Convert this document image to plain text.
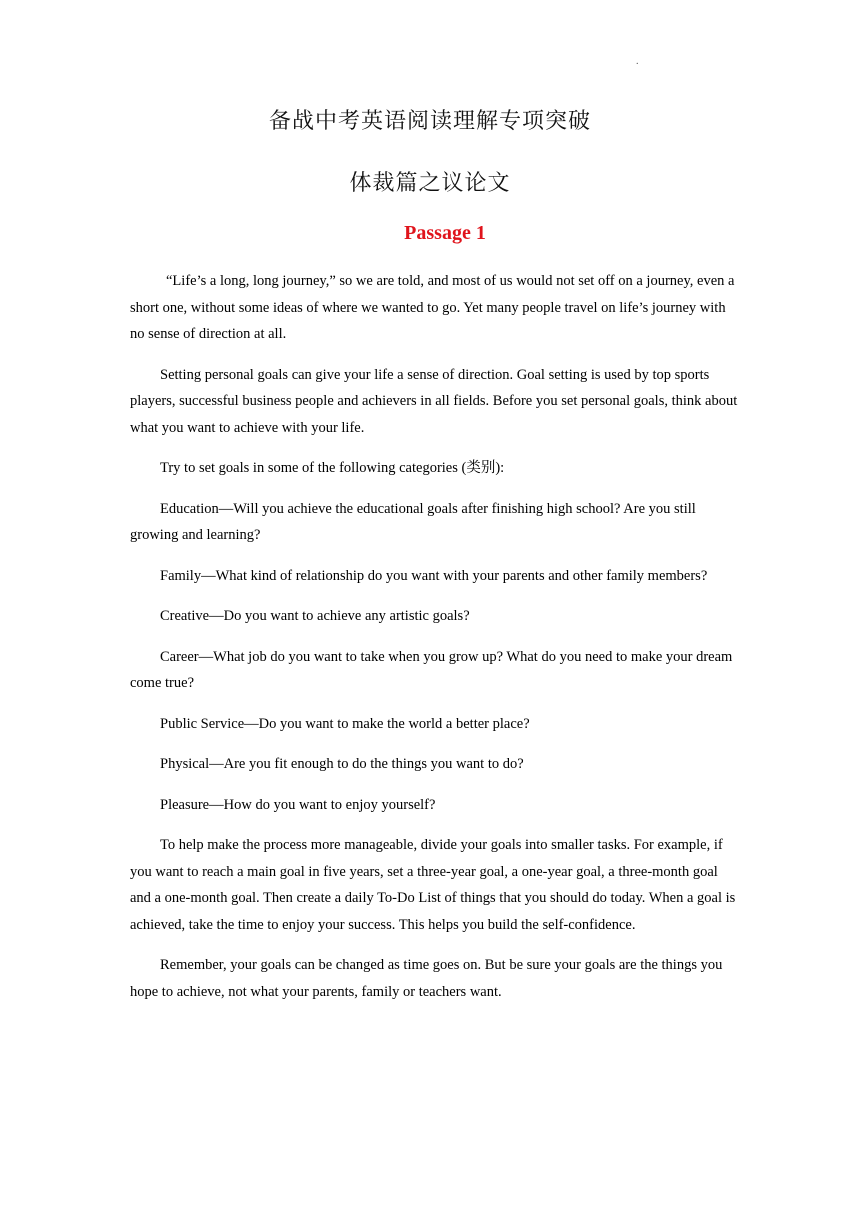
.
备战中考英语阅读理解专项突破
体裁篇之议论文
Passage 1

“Life’s a long, long journey,” so we are told, and most of us would not set off on a journey, even a short one, without some ideas of where we wanted to go. Yet many people travel on life’s journey with no sense of direction at all.

Setting personal goals can give your life a sense of direction. Goal setting is used by top sports players, successful business people and achievers in all fields. Before you set personal goals, think about what you want to achieve with your life.

Try to set goals in some of the following categories (类别):

Education—Will you achieve the educational goals after finishing high school? Are you still growing and learning?

Family—What kind of relationship do you want with your parents and other family members?

Creative—Do you want to achieve any artistic goals?

Career—What job do you want to take when you grow up? What do you need to make your dream come true?

Public Service—Do you want to make the world a better place?

Physical—Are you fit enough to do the things you want to do?

Pleasure—How do you want to enjoy yourself?

To help make the process more manageable, divide your goals into smaller tasks. For example, if you want to reach a main goal in five years, set a three-year goal, a one-year goal, a three-month goal and a one-month goal. Then create a daily To-Do List of things that you should do today. When a goal is achieved, take the time to enjoy your success. This helps you build the self-confidence.

Remember, your goals can be changed as time goes on. But be sure your goals are the things you hope to achieve, not what your parents, family or teachers want.
